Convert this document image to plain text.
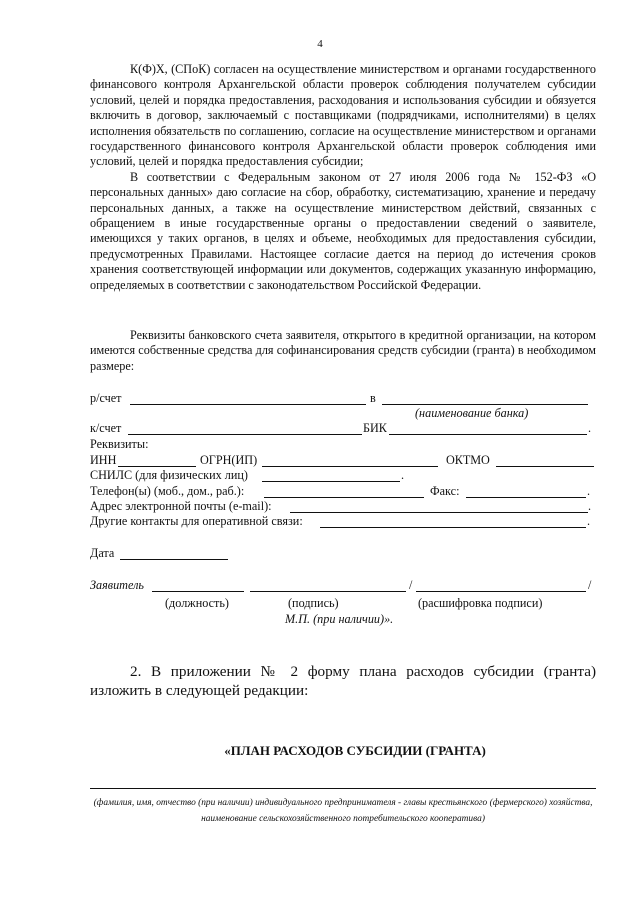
4

К(Ф)Х, (СПоК) согласен на осуществление министерством и органами государственного финансового контроля Архангельской области проверок соблюдения получателем субсидии условий, целей и порядка предоставления, расходования и использования субсидии и обязуется включить в договор, заключаемый с поставщиками (подрядчиками, исполнителями) в целях исполнения обязательств по соглашению, согласие на осуществление министерством и органами государственного финансового контроля Архангельской области проверок соблюдения ими условий, целей и порядка предоставления субсидии;

В соответствии с Федеральным законом от 27 июля 2006 года № 152-ФЗ «О персональных данных» даю согласие на сбор, обработку, систематизацию, хранение и передачу персональных данных, а также на осуществление министерством действий, связанных с обращением в иные государственные органы о предоставлении сведений о заявителе, имеющихся у таких органов, в целях и объеме, необходимых для предоставления субсидии, предусмотренных Правилами. Настоящее согласие дается на период до истечения сроков хранения соответствующей информации или документов, содержащих указанную информацию, определяемых в соответствии с законодательством Российской Федерации.

Реквизиты банковского счета заявителя, открытого в кредитной организации, на котором имеются собственные средства для софинансирования средств субсидии (гранта) в необходимом размере:

р/счет	в
(наименование банка)
к/счет	БИК	.
Реквизиты:
ИНН	ОГРН(ИП)	ОКТМО
СНИЛС (для физических лиц)	.
Телефон(ы) (моб., дом., раб.):	Факс:	.
Адрес электронной почты (e-mail):	.
Другие контакты для оперативной связи:	.
Дата
Заявитель	/	/
(должность)	(подпись)	(расшифровка подписи)
М.П. (при наличии)».

2. В приложении № 2 форму плана расходов субсидии (гранта) изложить в следующей редакции:

«ПЛАН РАСХОДОВ СУБСИДИИ (ГРАНТА)
(фамилия, имя, отчество (при наличии) индивидуального предпринимателя - главы крестьянского (фермерского) хозяйства, наименование сельскохозяйственного потребительского кооператива)
